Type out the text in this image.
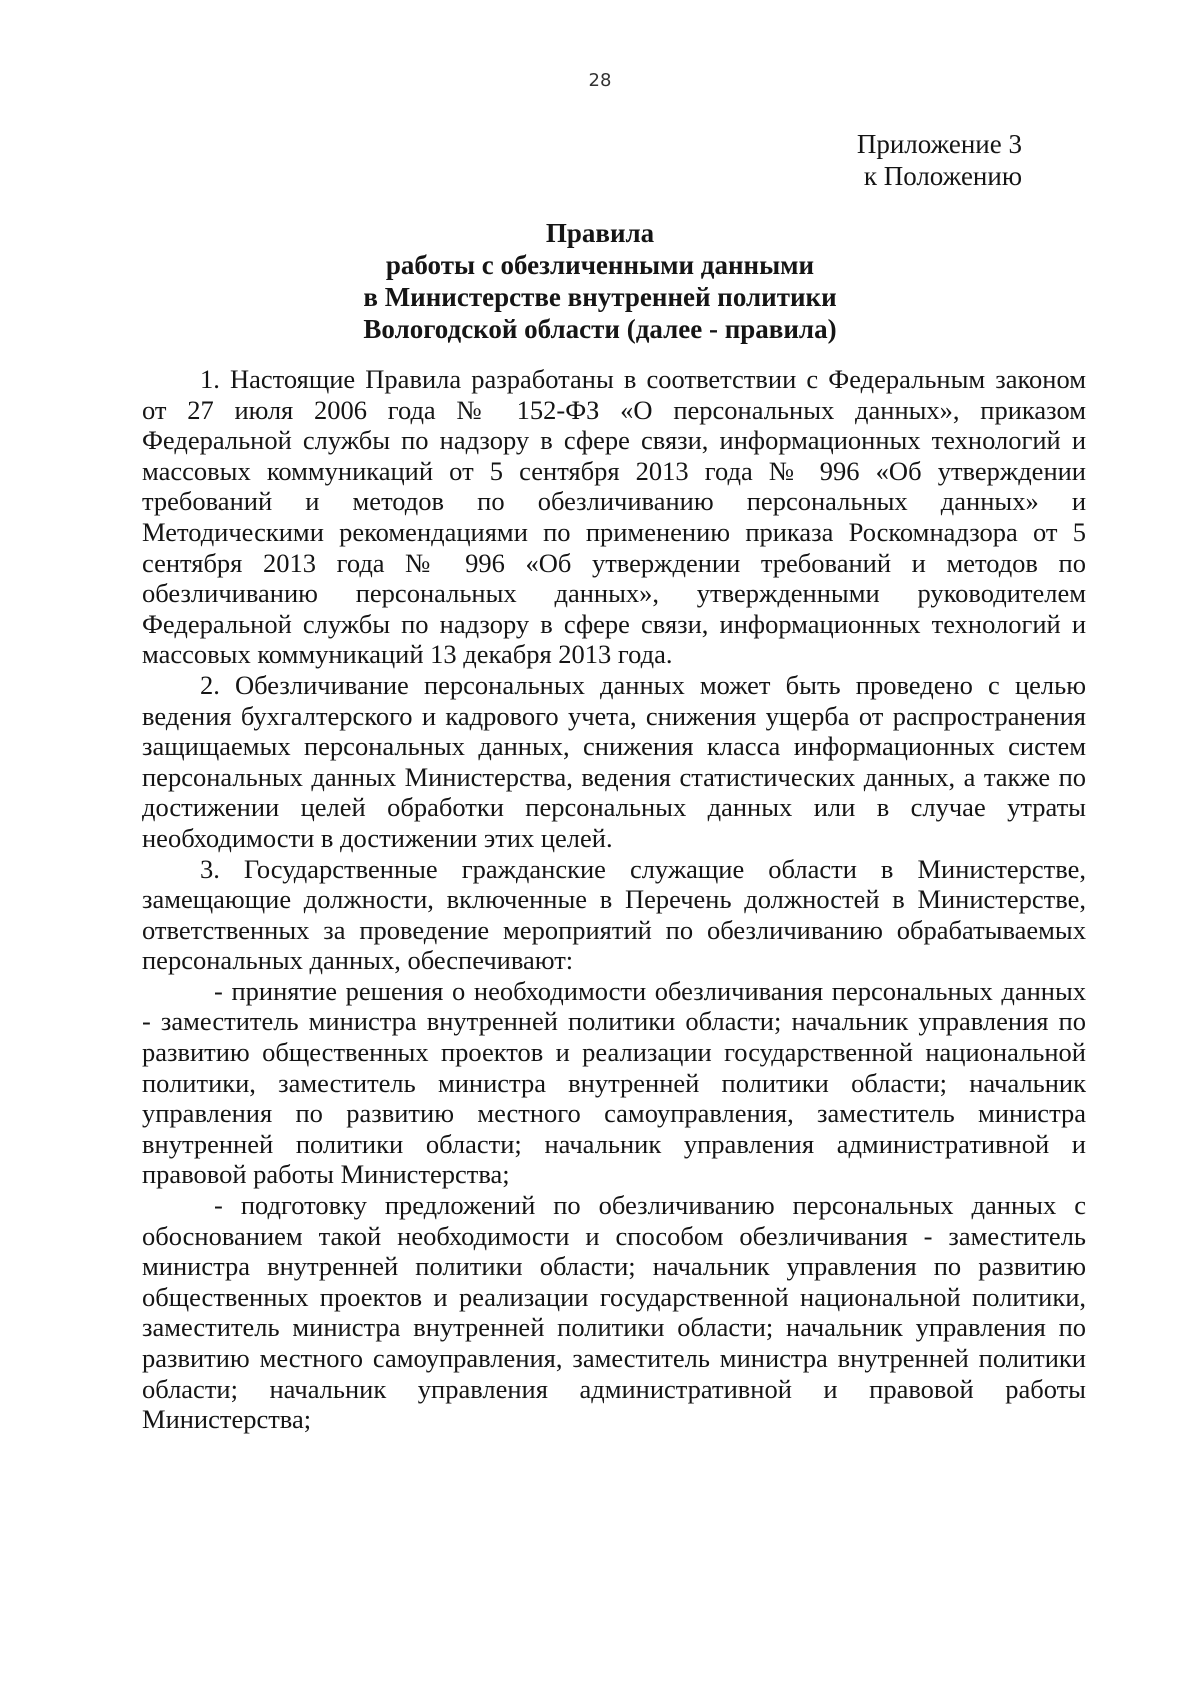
28
Приложение 3
к Положению
Правила
работы с обезличенными данными
в Министерстве внутренней политики
Вологодской области (далее - правила)

1. Настоящие Правила разработаны в соответствии с Федеральным законом от 27 июля 2006 года № 152-ФЗ «О персональных данных», приказом Федеральной службы по надзору в сфере связи, информационных технологий и массовых коммуникаций от 5 сентября 2013 года № 996 «Об утверждении требований и методов по обезличиванию персональных данных» и Методическими рекомендациями по применению приказа Роскомнадзора от 5 сентября 2013 года № 996 «Об утверждении требований и методов по обезличиванию персональных данных», утвержденными руководителем Федеральной службы по надзору в сфере связи, информационных технологий и массовых коммуникаций 13 декабря 2013 года.

2. Обезличивание персональных данных может быть проведено с целью ведения бухгалтерского и кадрового учета, снижения ущерба от распространения защищаемых персональных данных, снижения класса информационных систем персональных данных Министерства, ведения статистических данных, а также по достижении целей обработки персональных данных или в случае утраты необходимости в достижении этих целей.

3. Государственные гражданские служащие области в Министерстве, замещающие должности, включенные в Перечень должностей в Министерстве, ответственных за проведение мероприятий по обезличиванию обрабатываемых персональных данных, обеспечивают:

- принятие решения о необходимости обезличивания персональных данных - заместитель министра внутренней политики области; начальник управления по развитию общественных проектов и реализации государственной национальной политики, заместитель министра внутренней политики области; начальник управления по развитию местного самоуправления, заместитель министра внутренней политики области; начальник управления административной и правовой работы Министерства;

- подготовку предложений по обезличиванию персональных данных с обоснованием такой необходимости и способом обезличивания - заместитель министра внутренней политики области; начальник управления по развитию общественных проектов и реализации государственной национальной политики, заместитель министра внутренней политики области; начальник управления по развитию местного самоуправления, заместитель министра внутренней политики области; начальник управления административной и правовой работы Министерства;
